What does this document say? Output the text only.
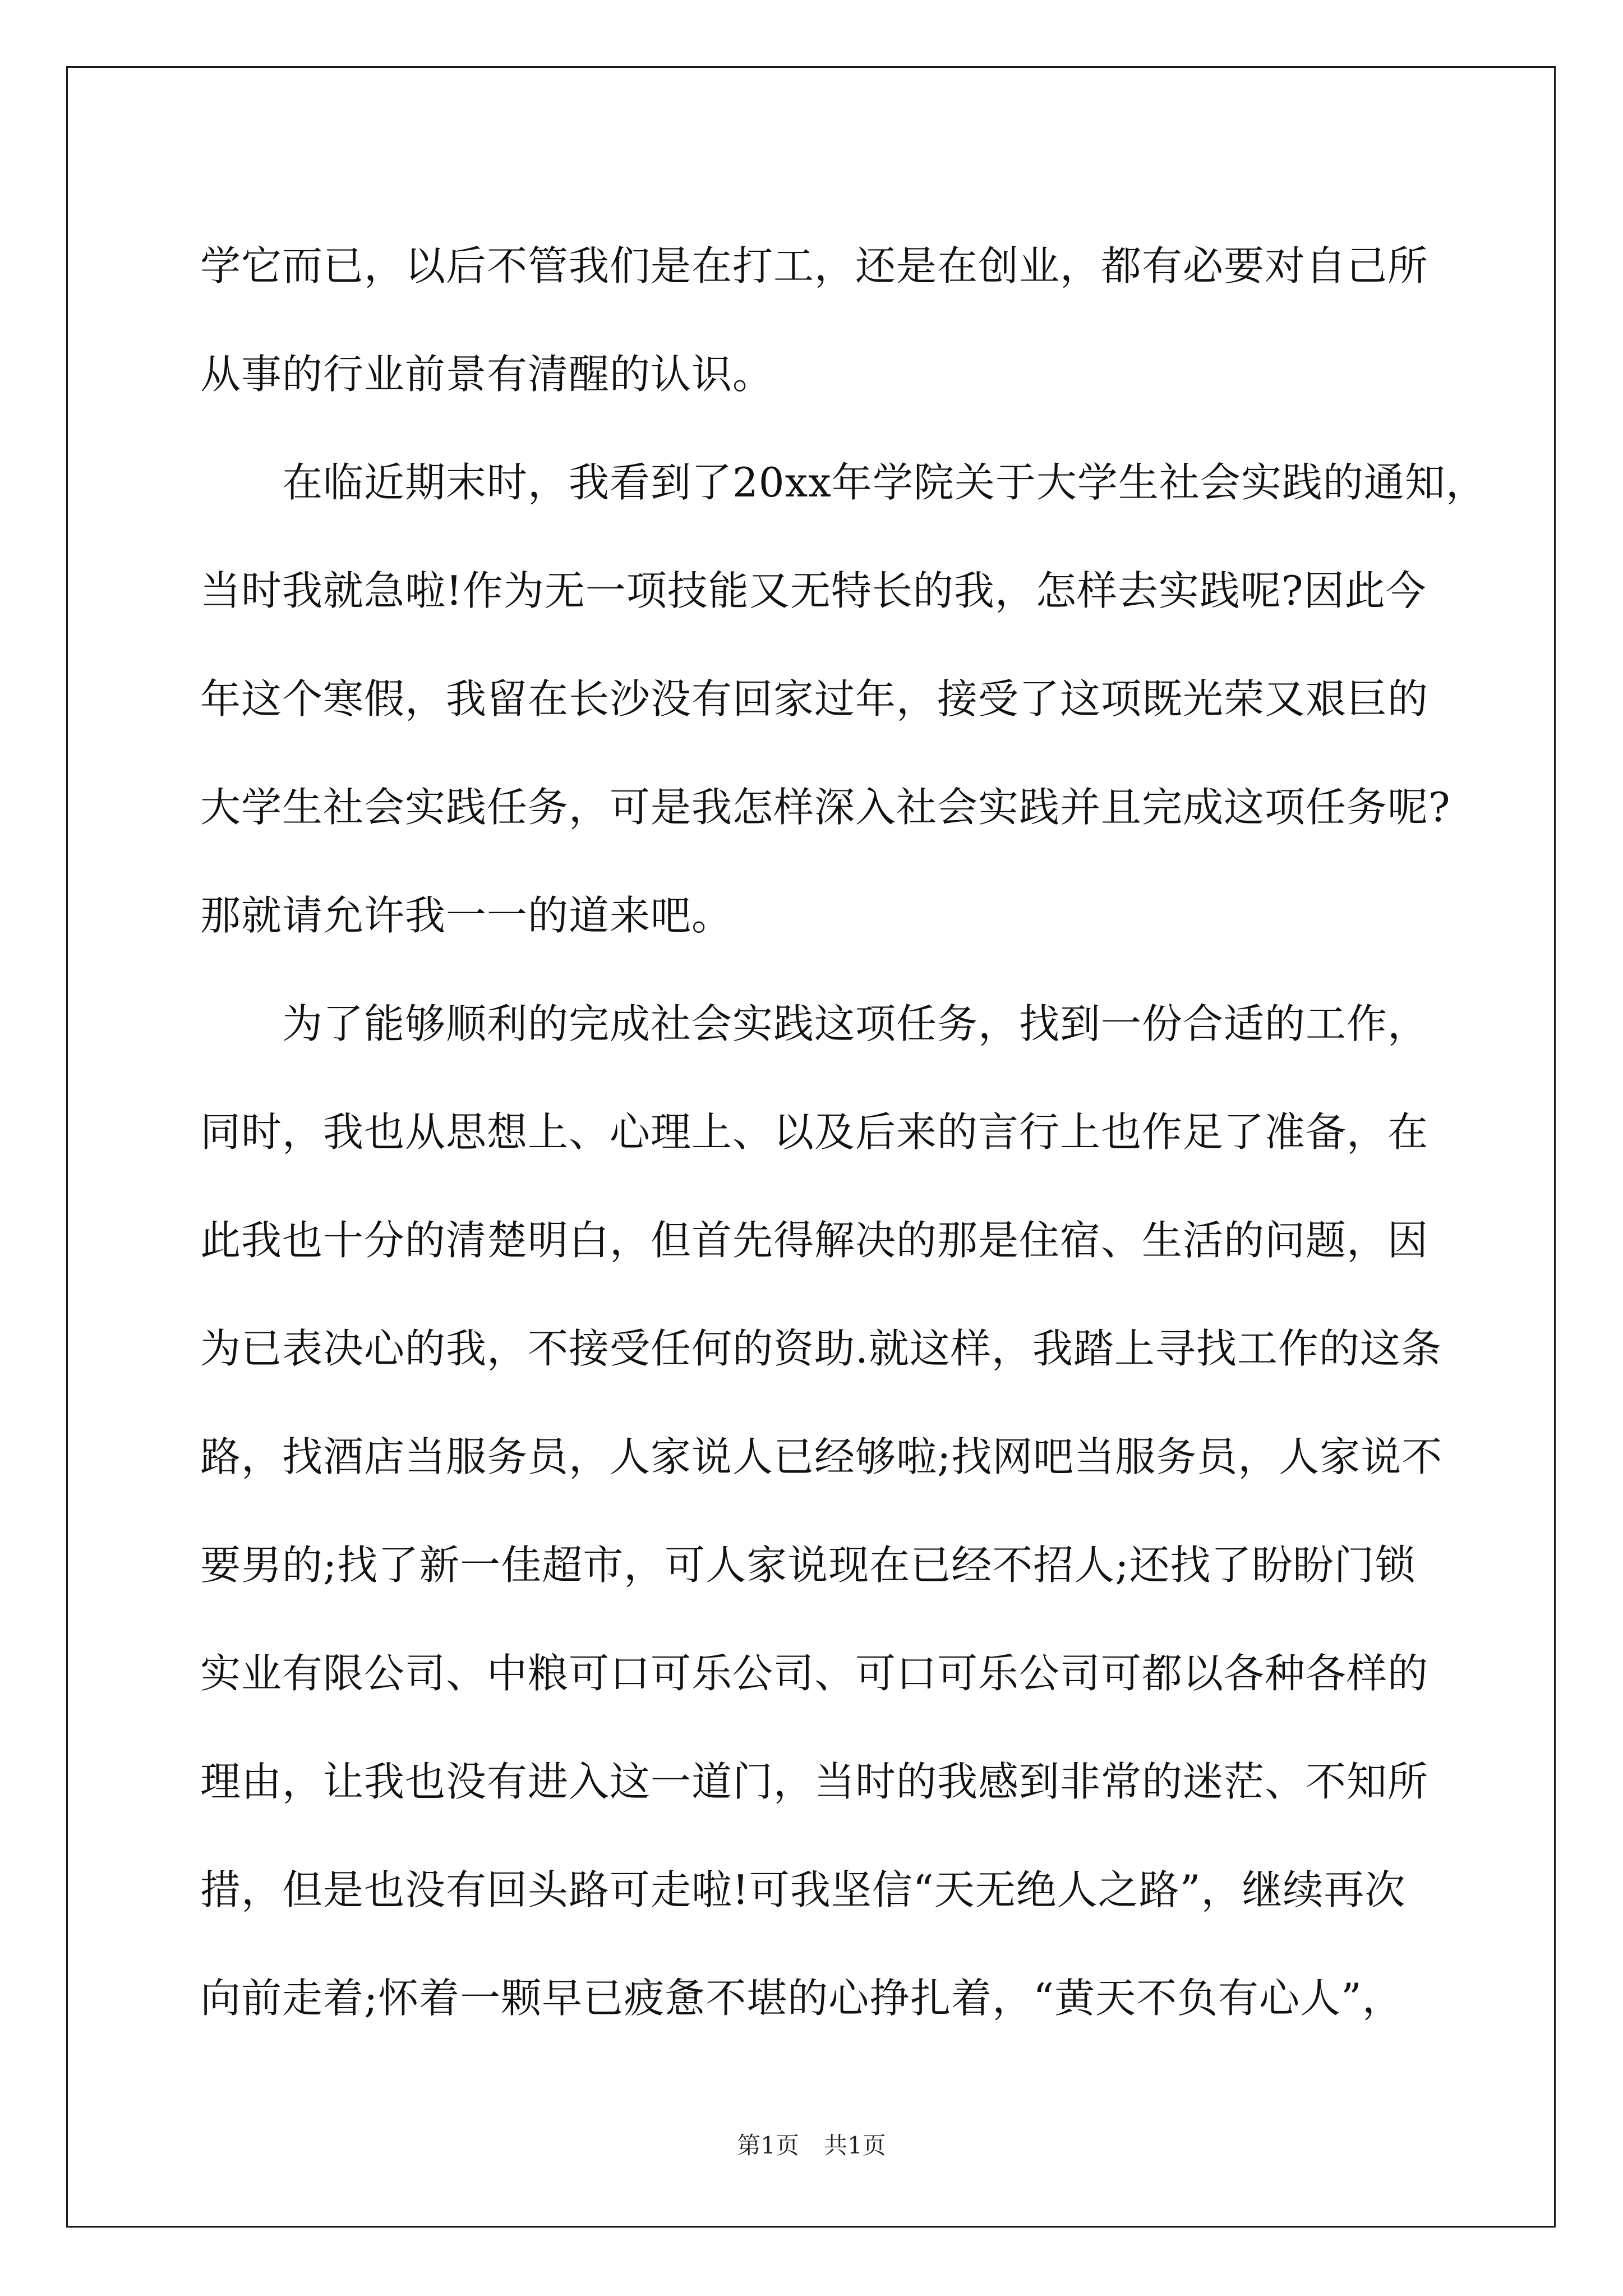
学它而已，以后不管我们是在打工，还是在创业，都有必要对自己所
从事的行业前景有清醒的认识。
　　在临近期末时，我看到了20xx年学院关于大学生社会实践的通知，
当时我就急啦!作为无一项技能又无特长的我，怎样去实践呢?因此今
年这个寒假，我留在长沙没有回家过年，接受了这项既光荣又艰巨的
大学生社会实践任务，可是我怎样深入社会实践并且完成这项任务呢?
那就请允许我一一的道来吧。
　　为了能够顺利的完成社会实践这项任务，找到一份合适的工作，
同时，我也从思想上、心理上、以及后来的言行上也作足了准备，在
此我也十分的清楚明白，但首先得解决的那是住宿、生活的问题，因
为已表决心的我，不接受任何的资助.就这样，我踏上寻找工作的这条
路，找酒店当服务员，人家说人已经够啦;找网吧当服务员，人家说不
要男的;找了新一佳超市，可人家说现在已经不招人;还找了盼盼门锁
实业有限公司、中粮可口可乐公司、可口可乐公司可都以各种各样的
理由，让我也没有进入这一道门，当时的我感到非常的迷茫、不知所
措，但是也没有回头路可走啦!可我坚信“天无绝人之路”，继续再次
向前走着;怀着一颗早已疲惫不堪的心挣扎着，“黄天不负有心人”，
第1页 共1页
